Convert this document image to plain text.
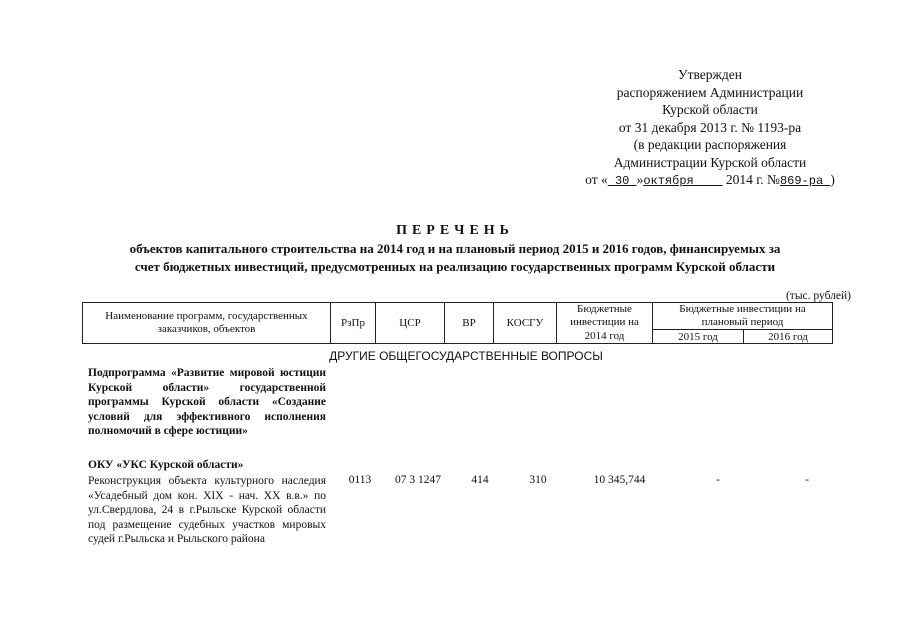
Утвержден
распоряжением Администрации
Курской области
от 31 декабря 2013 г. № 1193-ра
(в редакции распоряжения
Администрации Курской области
от « 30 »октября     2014 г. №869-ра )
ПЕРЕЧЕНЬ
объектов капитального строительства на 2014 год и на плановый период 2015 и 2016 годов, финансируемых за
счет бюджетных инвестиций, предусмотренных на реализацию государственных программ Курской области
(тыс. рублей)
Наименование программ, государственных заказчиков, объектов	РзПр	ЦСР	ВР	КОСГУ	Бюджетные инвестиции на	Бюджетные инвестиции на плановый период	
					2014 год	2015 год	2016 год
ДРУГИЕ ОБЩЕГОСУДАРСТВЕННЫЕ ВОПРОСЫ
Подпрограмма «Развитие мировой юстиции Курской области» государственной программы Курской области «Создание условий для эффективного исполнения полномочий в сфере юстиции»
ОКУ «УКС Курской области»
Реконструкция объекта культурного наследия «Усадебный дом кон. XIX - нач. XX в.в.» по ул.Свердлова, 24 в г.Рыльске Курской области под размещение судебных участков мировых судей г.Рыльска и Рыльского района
0113	07 3 1247	414	310	10 345,744	-	-
